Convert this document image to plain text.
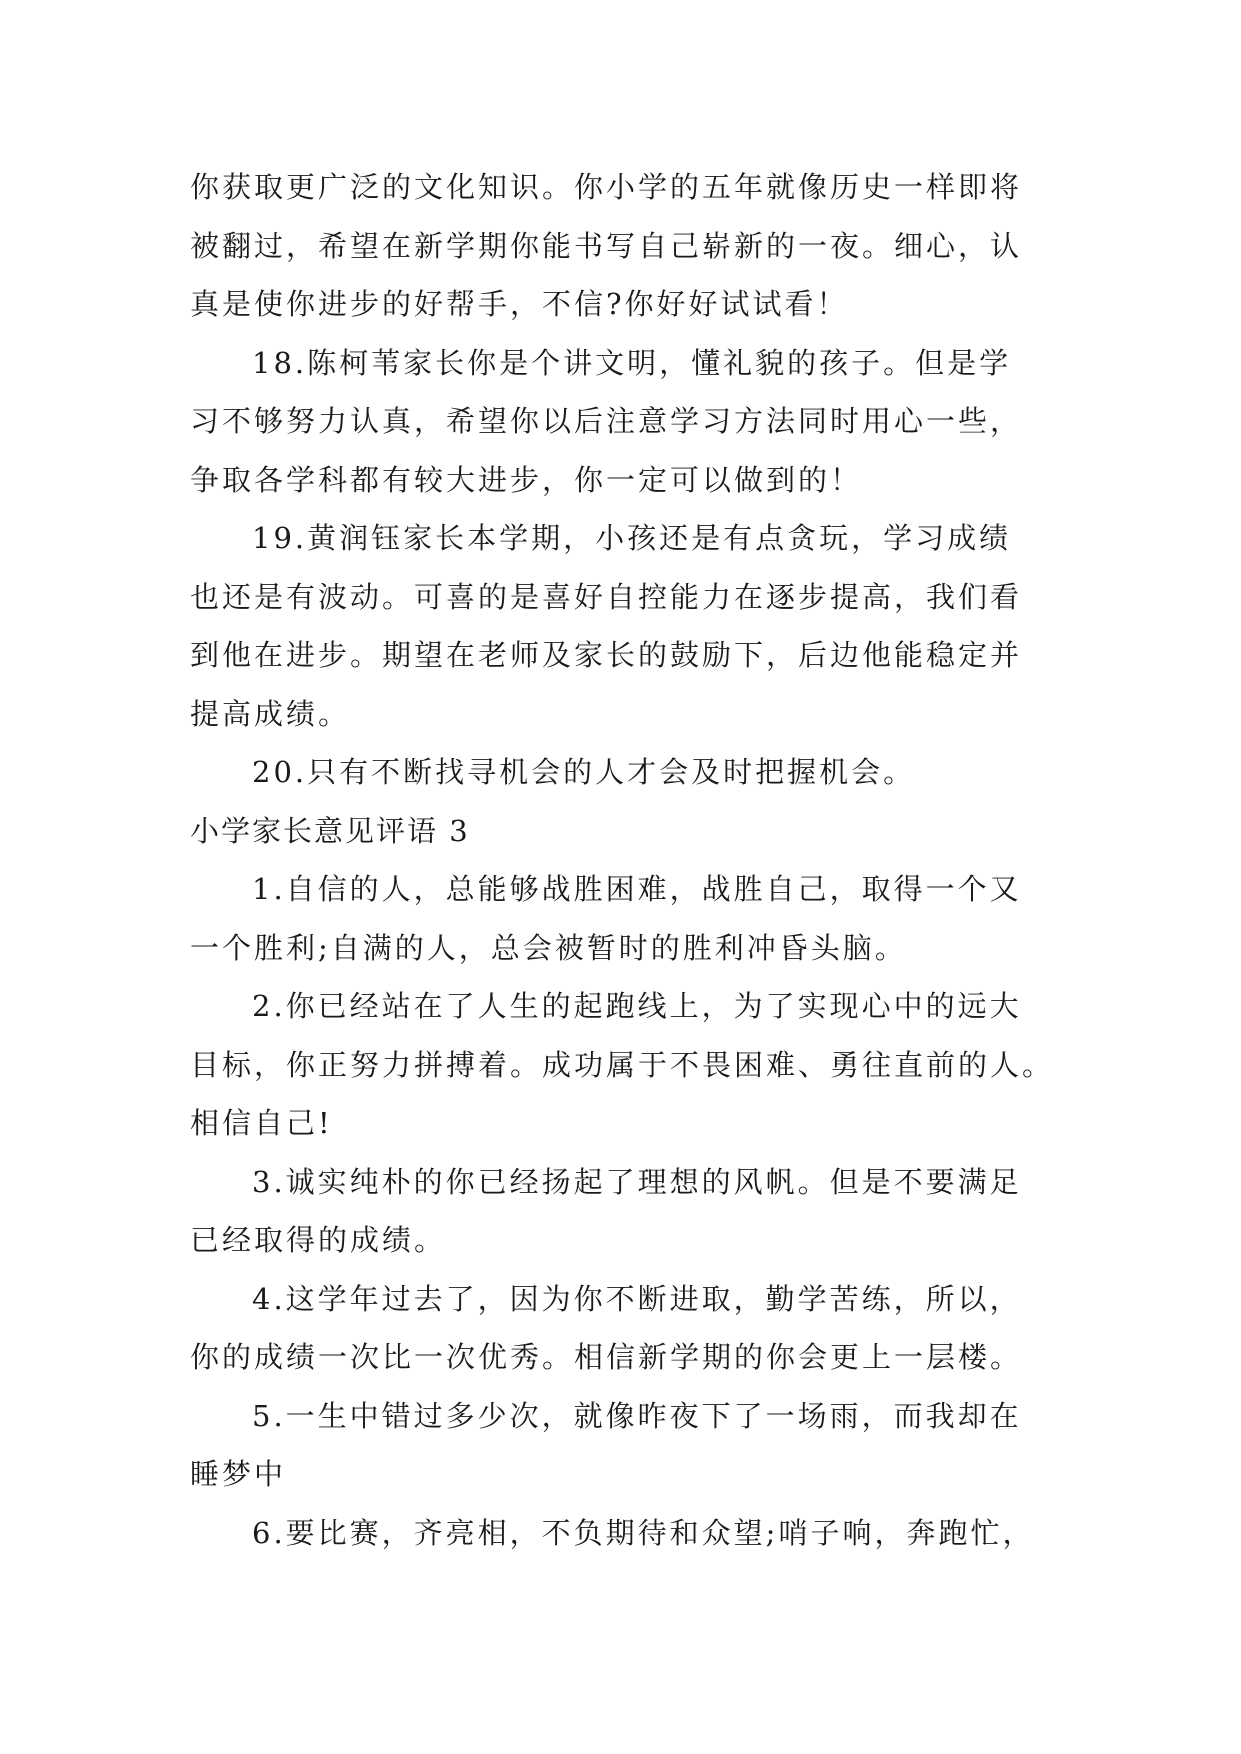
你获取更广泛的文化知识。你小学的五年就像历史一样即将
被翻过，希望在新学期你能书写自己崭新的一夜。细心，认
真是使你进步的好帮手，不信?你好好试试看！
18.陈柯苇家长你是个讲文明，懂礼貌的孩子。但是学
习不够努力认真，希望你以后注意学习方法同时用心一些，
争取各学科都有较大进步，你一定可以做到的！
19.黄润钰家长本学期，小孩还是有点贪玩，学习成绩
也还是有波动。可喜的是喜好自控能力在逐步提高，我们看
到他在进步。期望在老师及家长的鼓励下，后边他能稳定并
提高成绩。
20.只有不断找寻机会的人才会及时把握机会。
小学家长意见评语 3
1.自信的人，总能够战胜困难，战胜自己，取得一个又
一个胜利;自满的人，总会被暂时的胜利冲昏头脑。
2.你已经站在了人生的起跑线上，为了实现心中的远大
目标，你正努力拼搏着。成功属于不畏困难、勇往直前的人。
相信自己!
3.诚实纯朴的你已经扬起了理想的风帆。但是不要满足
已经取得的成绩。
4.这学年过去了，因为你不断进取，勤学苦练，所以，
你的成绩一次比一次优秀。相信新学期的你会更上一层楼。
5.一生中错过多少次，就像昨夜下了一场雨，而我却在
睡梦中
6.要比赛，齐亮相，不负期待和众望;哨子响，奔跑忙，
